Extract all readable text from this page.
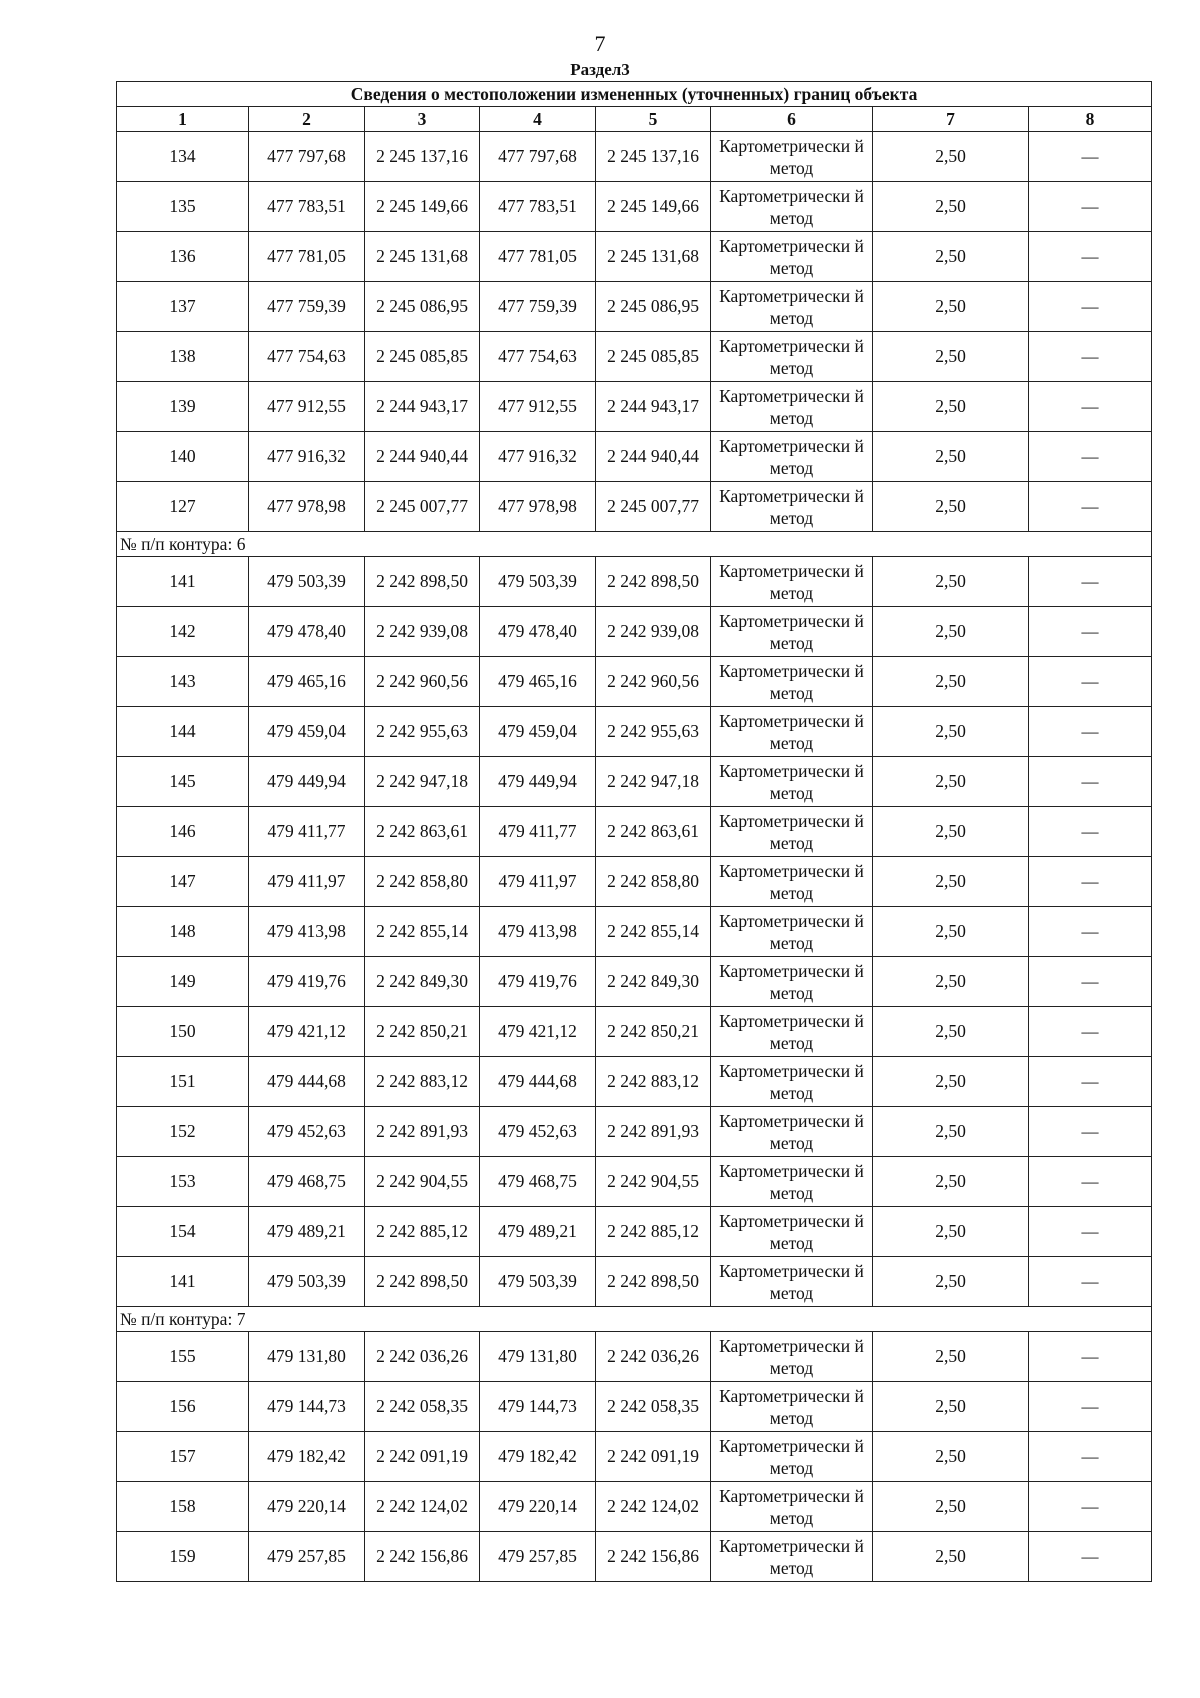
7
Раздел3
Сведения о местоположении измененных (уточненных) границ объекта							
1	2	3	4	5	6	7	8
134	477 797,68	2 245 137,16	477 797,68	2 245 137,16	Картометрически й метод	2,50	—
135	477 783,51	2 245 149,66	477 783,51	2 245 149,66	Картометрически й метод	2,50	—
136	477 781,05	2 245 131,68	477 781,05	2 245 131,68	Картометрически й метод	2,50	—
137	477 759,39	2 245 086,95	477 759,39	2 245 086,95	Картометрически й метод	2,50	—
138	477 754,63	2 245 085,85	477 754,63	2 245 085,85	Картометрически й метод	2,50	—
139	477 912,55	2 244 943,17	477 912,55	2 244 943,17	Картометрически й метод	2,50	—
140	477 916,32	2 244 940,44	477 916,32	2 244 940,44	Картометрически й метод	2,50	—
127	477 978,98	2 245 007,77	477 978,98	2 245 007,77	Картометрически й метод	2,50	—
№ п/п контура: 6							
141	479 503,39	2 242 898,50	479 503,39	2 242 898,50	Картометрически й метод	2,50	—
142	479 478,40	2 242 939,08	479 478,40	2 242 939,08	Картометрически й метод	2,50	—
143	479 465,16	2 242 960,56	479 465,16	2 242 960,56	Картометрически й метод	2,50	—
144	479 459,04	2 242 955,63	479 459,04	2 242 955,63	Картометрически й метод	2,50	—
145	479 449,94	2 242 947,18	479 449,94	2 242 947,18	Картометрически й метод	2,50	—
146	479 411,77	2 242 863,61	479 411,77	2 242 863,61	Картометрически й метод	2,50	—
147	479 411,97	2 242 858,80	479 411,97	2 242 858,80	Картометрически й метод	2,50	—
148	479 413,98	2 242 855,14	479 413,98	2 242 855,14	Картометрически й метод	2,50	—
149	479 419,76	2 242 849,30	479 419,76	2 242 849,30	Картометрически й метод	2,50	—
150	479 421,12	2 242 850,21	479 421,12	2 242 850,21	Картометрически й метод	2,50	—
151	479 444,68	2 242 883,12	479 444,68	2 242 883,12	Картометрически й метод	2,50	—
152	479 452,63	2 242 891,93	479 452,63	2 242 891,93	Картометрически й метод	2,50	—
153	479 468,75	2 242 904,55	479 468,75	2 242 904,55	Картометрически й метод	2,50	—
154	479 489,21	2 242 885,12	479 489,21	2 242 885,12	Картометрически й метод	2,50	—
141	479 503,39	2 242 898,50	479 503,39	2 242 898,50	Картометрически й метод	2,50	—
№ п/п контура: 7							
155	479 131,80	2 242 036,26	479 131,80	2 242 036,26	Картометрически й метод	2,50	—
156	479 144,73	2 242 058,35	479 144,73	2 242 058,35	Картометрически й метод	2,50	—
157	479 182,42	2 242 091,19	479 182,42	2 242 091,19	Картометрически й метод	2,50	—
158	479 220,14	2 242 124,02	479 220,14	2 242 124,02	Картометрически й метод	2,50	—
159	479 257,85	2 242 156,86	479 257,85	2 242 156,86	Картометрически й метод	2,50	—
